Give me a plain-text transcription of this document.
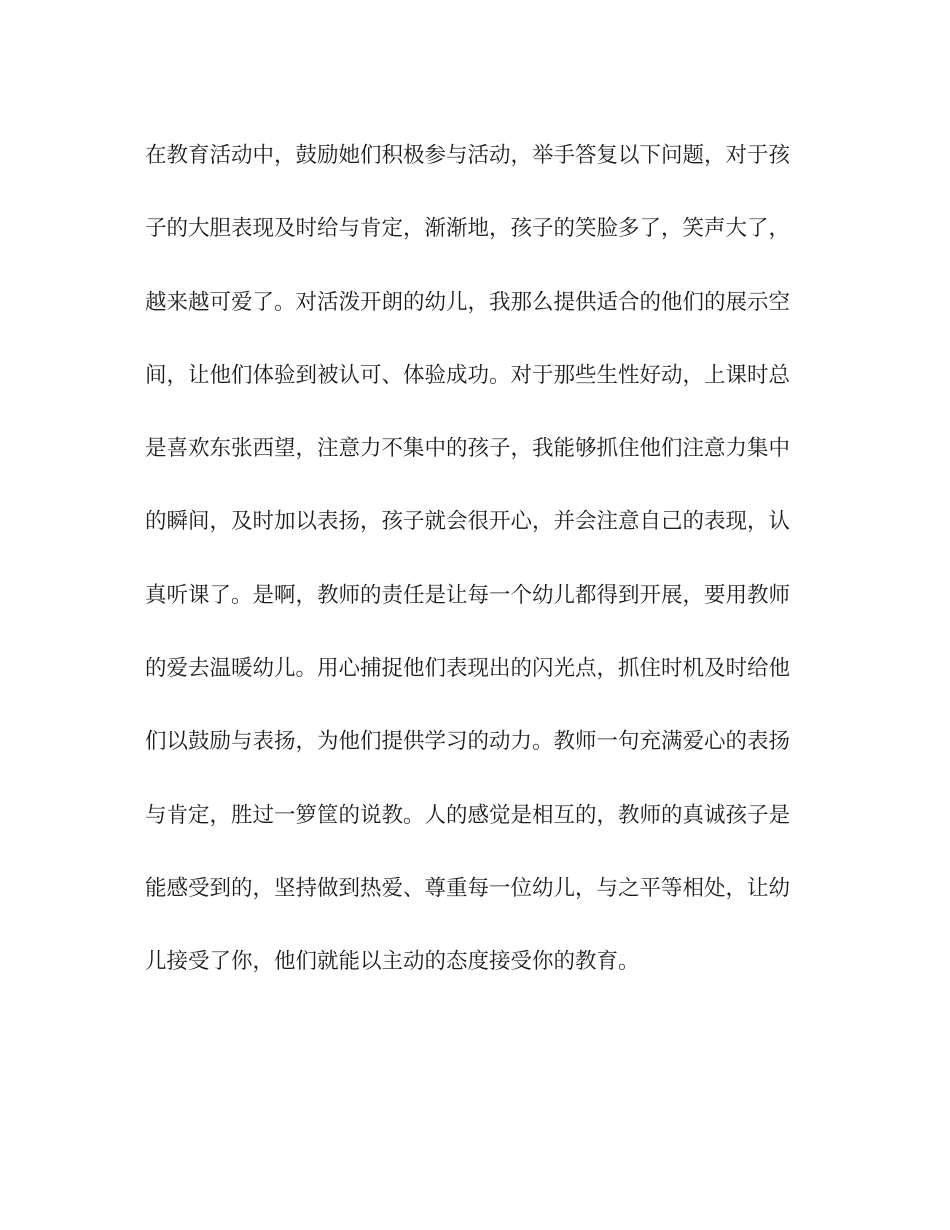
在教育活动中，鼓励她们积极参与活动，举手答复以下问题，对于孩
子的大胆表现及时给与肯定，渐渐地，孩子的笑脸多了，笑声大了，
越来越可爱了。对活泼开朗的幼儿，我那么提供适合的他们的展示空
间，让他们体验到被认可、体验成功。对于那些生性好动，上课时总
是喜欢东张西望，注意力不集中的孩子，我能够抓住他们注意力集中
的瞬间，及时加以表扬，孩子就会很开心，并会注意自己的表现，认
真听课了。是啊，教师的责任是让每一个幼儿都得到开展，要用教师
的爱去温暖幼儿。用心捕捉他们表现出的闪光点，抓住时机及时给他
们以鼓励与表扬，为他们提供学习的动力。教师一句充满爱心的表扬
与肯定，胜过一箩筐的说教。人的感觉是相互的，教师的真诚孩子是
能感受到的，坚持做到热爱、尊重每一位幼儿，与之平等相处，让幼
儿接受了你，他们就能以主动的态度接受你的教育。
